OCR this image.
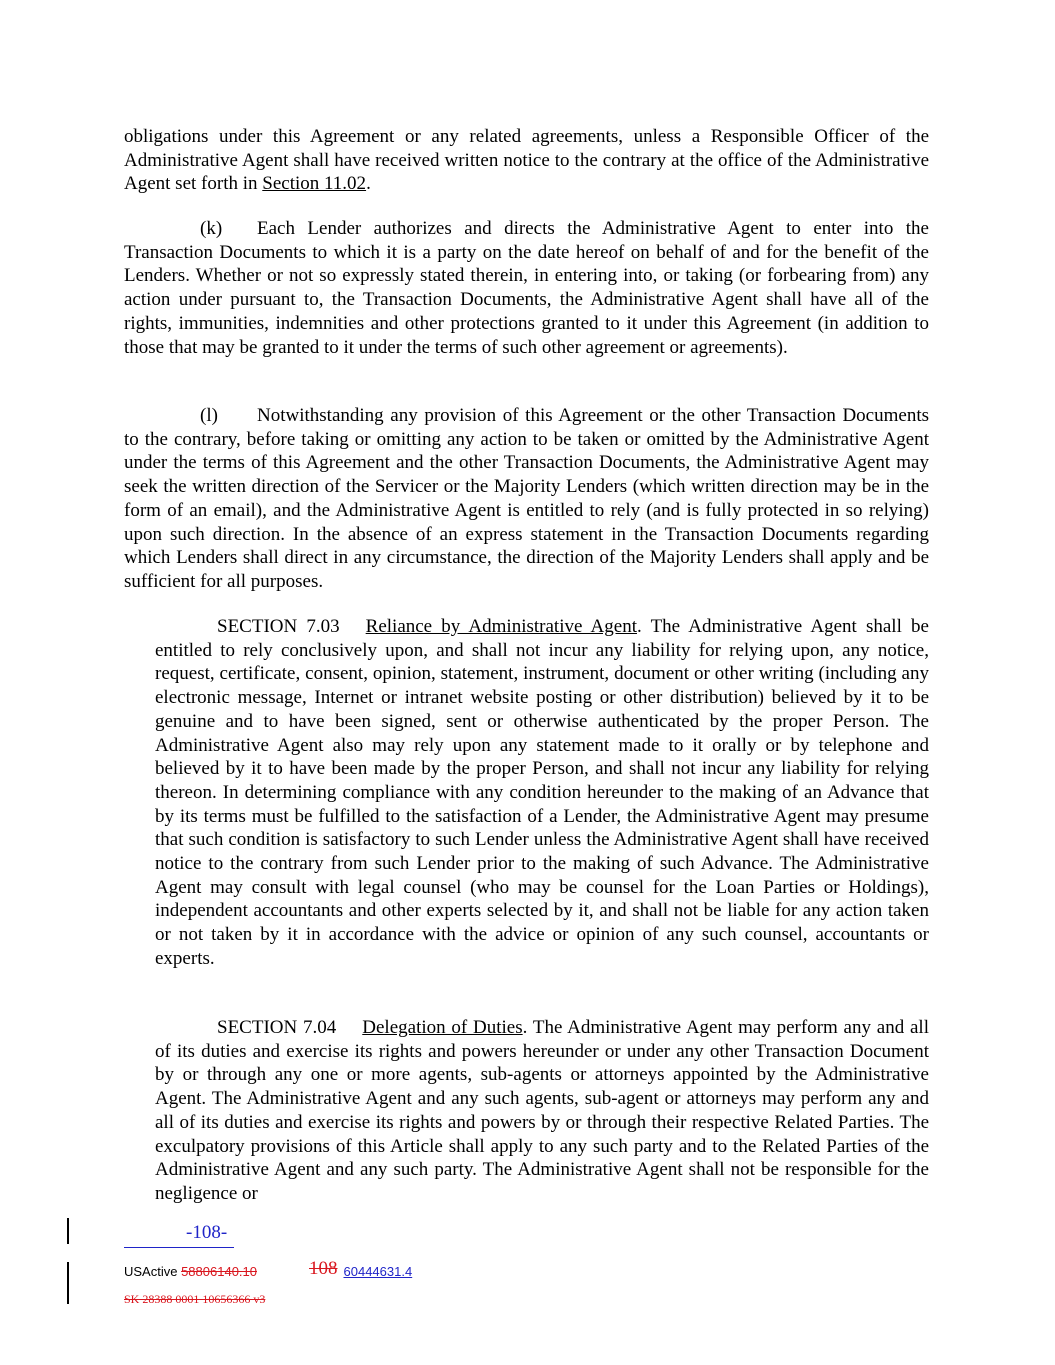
obligations under this Agreement or any related agreements, unless a Responsible Officer of the Administrative Agent shall have received written notice to the contrary at the office of the Administrative Agent set forth in Section 11.02.

(k) Each Lender authorizes and directs the Administrative Agent to enter into the Transaction Documents to which it is a party on the date hereof on behalf of and for the benefit of the Lenders. Whether or not so expressly stated therein, in entering into, or taking (or forbearing from) any action under pursuant to, the Transaction Documents, the Administrative Agent shall have all of the rights, immunities, indemnities and other protections granted to it under this Agreement (in addition to those that may be granted to it under the terms of such other agreement or agreements).

(l) Notwithstanding any provision of this Agreement or the other Transaction Documents to the contrary, before taking or omitting any action to be taken or omitted by the Administrative Agent under the terms of this Agreement and the other Transaction Documents, the Administrative Agent may seek the written direction of the Servicer or the Majority Lenders (which written direction may be in the form of an email), and the Administrative Agent is entitled to rely (and is fully protected in so relying) upon such direction. In the absence of an express statement in the Transaction Documents regarding which Lenders shall direct in any circumstance, the direction of the Majority Lenders shall apply and be sufficient for all purposes.

SECTION 7.03 Reliance by Administrative Agent. The Administrative Agent shall be entitled to rely conclusively upon, and shall not incur any liability for relying upon, any notice, request, certificate, consent, opinion, statement, instrument, document or other writing (including any electronic message, Internet or intranet website posting or other distribution) believed by it to be genuine and to have been signed, sent or otherwise authenticated by the proper Person. The Administrative Agent also may rely upon any statement made to it orally or by telephone and believed by it to have been made by the proper Person, and shall not incur any liability for relying thereon. In determining compliance with any condition hereunder to the making of an Advance that by its terms must be fulfilled to the satisfaction of a Lender, the Administrative Agent may presume that such condition is satisfactory to such Lender unless the Administrative Agent shall have received notice to the contrary from such Lender prior to the making of such Advance. The Administrative Agent may consult with legal counsel (who may be counsel for the Loan Parties or Holdings), independent accountants and other experts selected by it, and shall not be liable for any action taken or not taken by it in accordance with the advice or opinion of any such counsel, accountants or experts.

SECTION 7.04 Delegation of Duties. The Administrative Agent may perform any and all of its duties and exercise its rights and powers hereunder or under any other Transaction Document by or through any one or more agents, sub-agents or attorneys appointed by the Administrative Agent. The Administrative Agent and any such agents, sub-agent or attorneys may perform any and all of its duties and exercise its rights and powers by or through their respective Related Parties. The exculpatory provisions of this Article shall apply to any such party and to the Related Parties of the Administrative Agent and any such party. The Administrative Agent shall not be responsible for the negligence or

-108-
USActive 58806140.10	108 60444631.4
SK 28388 0001 10656366 v3
